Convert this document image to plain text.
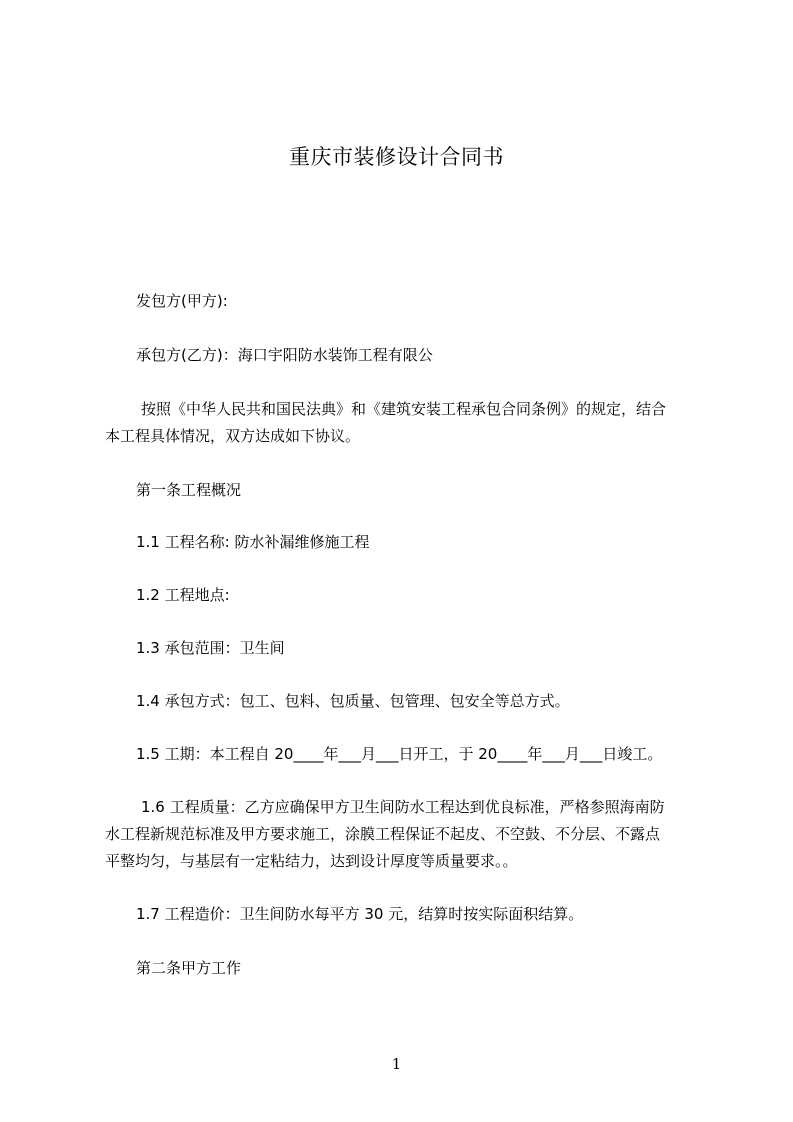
重庆市装修设计合同书
发包方(甲方):
承包方(乙方)：海口宇阳防水装饰工程有限公
按照《中华人民共和国民法典》和《建筑安装工程承包合同条例》的规定，结合
本工程具体情况，双方达成如下协议。
第一条工程概况
1.1 工程名称: 防水补漏维修施工程
1.2 工程地点:
1.3 承包范围：卫生间
1.4 承包方式：包工、包料、包质量、包管理、包安全等总方式。
1.5 工期：本工程自 20____年___月___日开工，于 20____年___月___日竣工。
1.6 工程质量：乙方应确保甲方卫生间防水工程达到优良标准，严格参照海南防
水工程新规范标准及甲方要求施工，涂膜工程保证不起皮、不空鼓、不分层、不露点
平整均匀，与基层有一定粘结力，达到设计厚度等质量要求。。
1.7 工程造价：卫生间防水每平方 30 元，结算时按实际面积结算。
第二条甲方工作
1
